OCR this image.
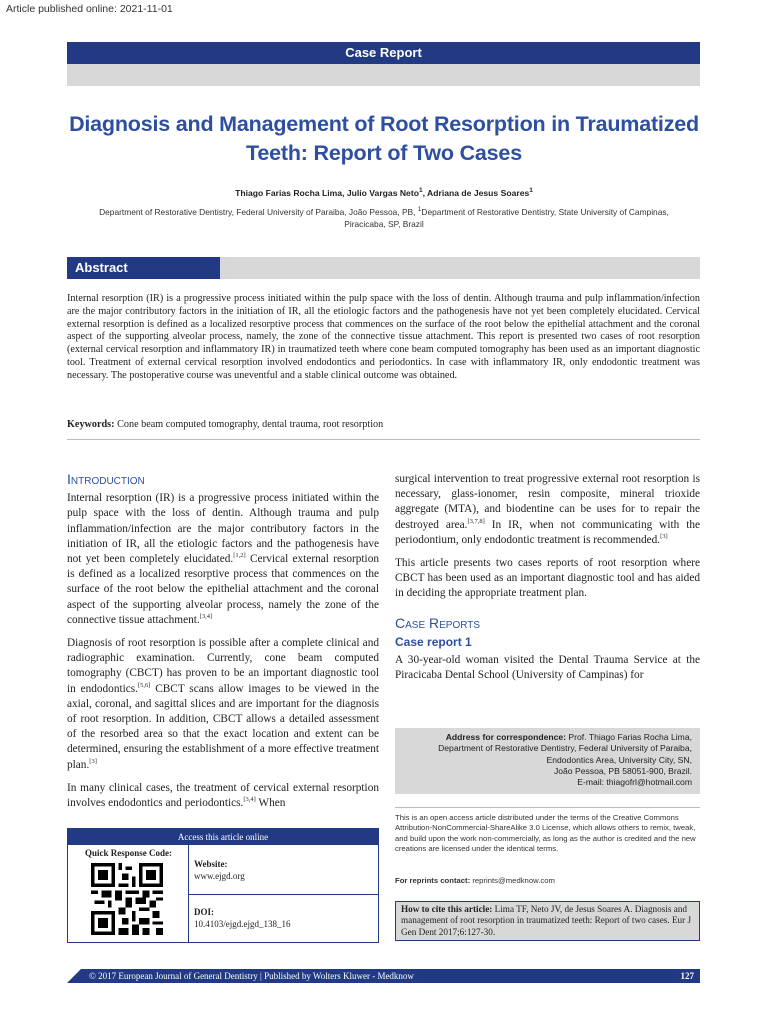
Article published online: 2021-11-01
Case Report
Diagnosis and Management of Root Resorption in Traumatized Teeth: Report of Two Cases
Thiago Farias Rocha Lima, Julio Vargas Neto$^1$, Adriana de Jesus Soares$^1$
Department of Restorative Dentistry, Federal University of Paraiba, João Pessoa, PB, $^1$Department of Restorative Dentistry, State University of Campinas, Piracicaba, SP, Brazil
Abstract

Internal resorption (IR) is a progressive process initiated within the pulp space with the loss of dentin. Although trauma and pulp inflammation/infection are the major contributory factors in the initiation of IR, all the etiologic factors and the pathogenesis have not yet been completely elucidated. Cervical external resorption is defined as a localized resorptive process that commences on the surface of the root below the epithelial attachment and the coronal aspect of the supporting alveolar process, namely, the zone of the connective tissue attachment. This report is presented two cases of root resorption (external cervical resorption and inflammatory IR) in traumatized teeth where cone beam computed tomography has been used as an important diagnostic tool. Treatment of external cervical resorption involved endodontics and periodontics. In case with inflammatory IR, only endodontic treatment was necessary. The postoperative course was uneventful and a stable clinical outcome was obtained.

Keywords: Cone beam computed tomography, dental trauma, root resorption

Introduction

Internal resorption (IR) is a progressive process initiated within the pulp space with the loss of dentin. Although trauma and pulp inflammation/infection are the major contributory factors in the initiation of IR, all the etiologic factors and the pathogenesis have not yet been completely elucidated.[1,2] Cervical external resorption is defined as a localized resorptive process that commences on the surface of the root below the epithelial attachment and the coronal aspect of the supporting alveolar process, namely the zone of the connective tissue attachment.[3,4]

Diagnosis of root resorption is possible after a complete clinical and radiographic examination. Currently, cone beam computed tomography (CBCT) has proven to be an important diagnostic tool in endodontics.[5,6] CBCT scans allow images to be viewed in the axial, coronal, and sagittal slices and are important for the diagnosis of root resorption. In addition, CBCT allows a detailed assessment of the resorbed area so that the exact location and extent can be determined, ensuring the establishment of a more effective treatment plan.[3]

In many clinical cases, the treatment of cervical external resorption involves endodontics and periodontics.[3,4] When

surgical intervention to treat progressive external root resorption is necessary, glass-ionomer, resin composite, mineral trioxide aggregate (MTA), and biodentine can be uses for to repair the destroyed area.[3,7,8] In IR, when not communicating with the periodontium, only endodontic treatment is recommended.[3]

This article presents two cases reports of root resorption where CBCT has been used as an important diagnostic tool and has aided in deciding the appropriate treatment plan.

Case Reports
Case report 1

A 30-year-old woman visited the Dental Trauma Service at the Piracicaba Dental School (University of Campinas) for

Access this article online
Quick Response Code:
Website:
www.ejgd.org
DOI:
10.4103/ejgd.ejgd_138_16
Address for correspondence: Prof. Thiago Farias Rocha Lima,
Department of Restorative Dentistry, Federal University of Paraiba,
Endodontics Area, University City, SN,
João Pessoa, PB 58051-900, Brazil.
E-mail: thiagofrl@hotmail.com

This is an open access article distributed under the terms of the Creative Commons Attribution-NonCommercial-ShareAlike 3.0 License, which allows others to remix, tweak, and build upon the work non-commercially, as long as the author is credited and the new creations are licensed under the identical terms.

For reprints contact: reprints@medknow.com

How to cite this article: Lima TF, Neto JV, de Jesus Soares A. Diagnosis and management of root resorption in traumatized teeth: Report of two cases. Eur J Gen Dent 2017;6:127-30.
© 2017 European Journal of General Dentistry | Published by Wolters Kluwer - Medknow	127
